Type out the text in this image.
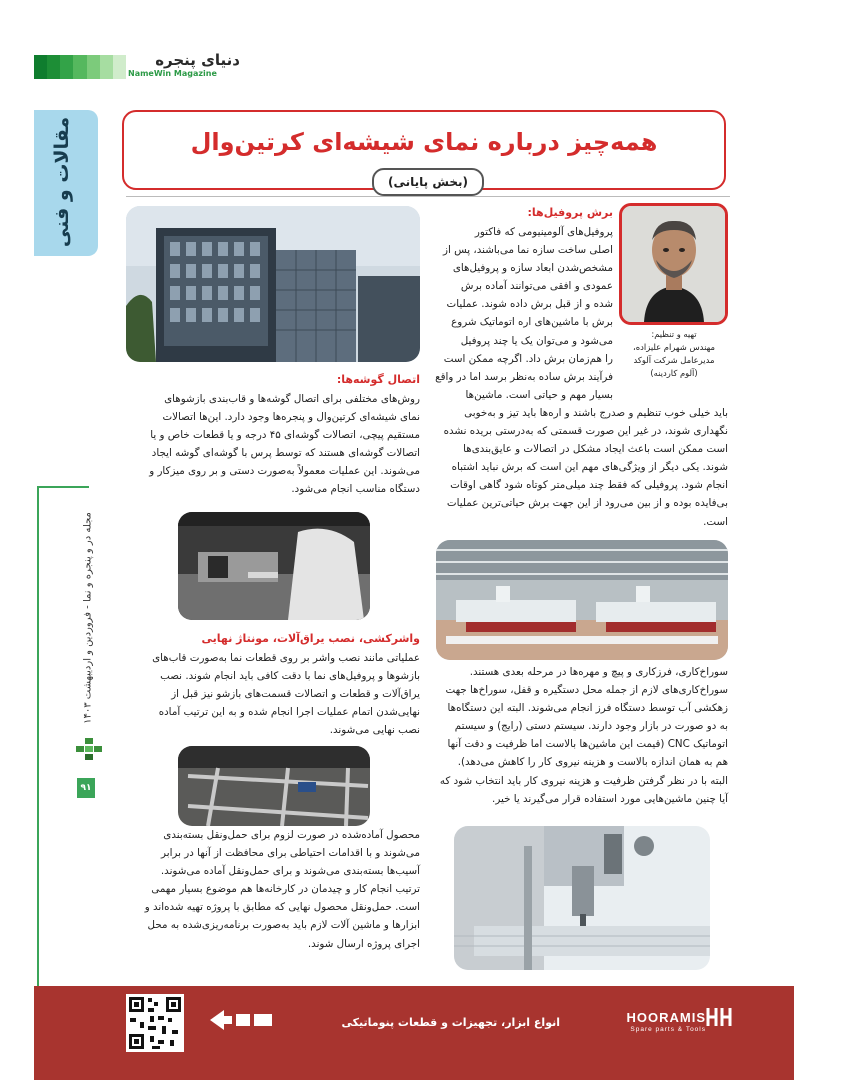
دنیای پنجره
NameWin Magazine
مقالات و فنی
مجله در و پنجره و نما - فروردین و اردیبهشت ۱۴۰۳
۹۱
همه‌چیز درباره نمای شیشه‌ای کرتین‌وال
(بخش پایانی)
تهیه و تنظیم:
مهندس شهرام علیزاده،
مدیرعامل شرکت آلوکد
(آلوم کاردینه)
برش پروفیل‌ها:
پروفیل‌های آلومینیومی که فاکتور
اصلی ساخت سازه نما می‌باشند، پس از
مشخص‌شدن ابعاد سازه و پروفیل‌های
عمودی و افقی می‌توانند آماده برش
شده و از قبل برش داده شوند. عملیات
برش با ماشین‌های اره اتوماتیک شروع
می‌شود و می‌توان یک یا چند پروفیل
را هم‌زمان برش داد. اگرچه ممکن است
فرآیند برش ساده به‌نظر برسد اما در واقع
بسیار مهم و حیاتی است. ماشین‌ها
باید خیلی خوب تنظیم و صدرج باشند و اره‌ها باید تیز و به‌خوبی
نگهداری شوند، در غیر این صورت قسمتی که به‌درستی بریده نشده
است ممکن است باعث ایجاد مشکل در اتصالات و عایق‌بندی‌ها
شوند. یکی دیگر از ویژگی‌های مهم این است که برش نباید اشتباه
انجام شود. پروفیلی که فقط چند میلی‌متر کوتاه شود گاهی اوقات
بی‌فایده بوده و از بین می‌رود از این جهت برش حیاتی‌ترین عملیات
است.
اتصال گوشه‌ها:
روش‌های مختلفی برای اتصال گوشه‌ها و قاب‌بندی بازشوهای
نمای شیشه‌ای کرتین‌وال و پنجره‌ها وجود دارد. این‌ها اتصالات
مستقیم پیچی، اتصالات گوشه‌ای ۴۵ درجه و یا قطعات خاص و یا
اتصالات گوشه‌ای هستند که توسط پرس با گوشه‌ای گوشه ایجاد
می‌شوند. این عملیات معمولاً به‌صورت دستی و بر روی میزکار و
دستگاه مناسب انجام می‌شود.
واشرکشی، نصب یراق‌آلات، مونتاژ نهایی
عملیاتی مانند نصب واشر بر روی قطعات نما به‌صورت قاب‌های
بازشوها و پروفیل‌های نما با دقت کافی باید انجام شوند. نصب
یراق‌آلات و قطعات و اتصالات قسمت‌های بازشو نیز قبل از
نهایی‌شدن اتمام عملیات اجرا انجام شده و به این ترتیب آماده
نصب نهایی می‌شوند.
محصول آماده‌شده در صورت لزوم برای حمل‌ونقل بسته‌بندی
می‌شوند و با اقدامات احتیاطی برای محافظت از آنها در برابر
آسیب‌ها بسته‌بندی می‌شوند و برای حمل‌ونقل آماده می‌شوند.
ترتیب انجام کار و چیدمان در کارخانه‌ها هم موضوع بسیار مهمی
است. حمل‌ونقل محصول نهایی که مطابق با پروژه تهیه شده‌اند و
ابزارها و ماشین آلات لازم باید به‌صورت برنامه‌ریزی‌شده به محل
اجرای پروژه ارسال شوند.
سوراخ‌کاری، فرزکاری و پیچ و مهره‌ها در مرحله بعدی هستند.
سوراخ‌کاری‌های لازم از جمله محل دستگیره و قفل، سوراخ‌ها جهت
زهکشی آب توسط دستگاه فرز انجام می‌شوند. البته این دستگاه‌ها
به دو صورت در بازار وجود دارند. سیستم دستی (رایج) و سیستم
اتوماتیک CNC (قیمت این ماشین‌ها بالاست اما ظرفیت و دقت آنها
هم به همان اندازه بالاست و هزینه نیروی کار را کاهش می‌دهد).
البته با در نظر گرفتن ظرفیت و هزینه نیروی کار باید انتخاب شود که
آیا چنین ماشین‌هایی مورد استفاده قرار می‌گیرند یا خیر.
انواع ابزار، تجهیزات و قطعات پنوماتیکی	HOORAMIS
Spare parts & Tools
